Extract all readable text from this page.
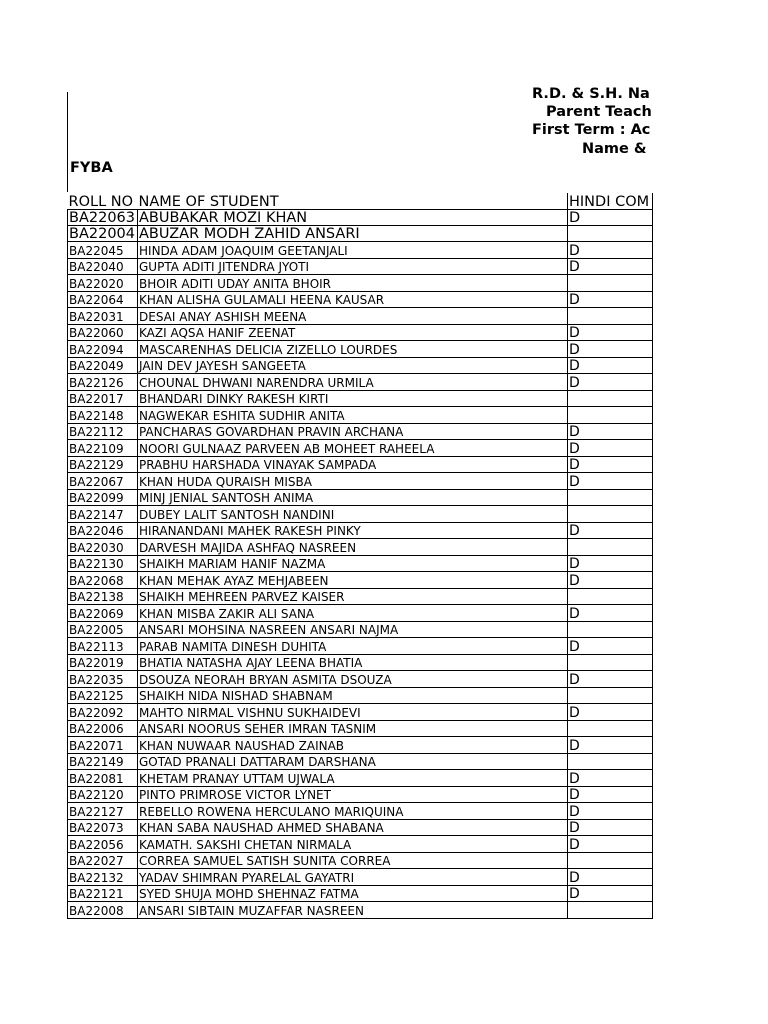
R.D. & S.H. Na
Parent Teach
First Term : Ac
Name &
FYBA
ROLL NO	NAME OF STUDENT	HINDI COM
BA22063	ABUBAKAR MOZI KHAN	D
BA22004	ABUZAR MODH ZAHID ANSARI	
BA22045	HINDA ADAM JOAQUIM GEETANJALI	D
BA22040	GUPTA ADITI JITENDRA JYOTI	D
BA22020	BHOIR ADITI UDAY ANITA BHOIR	
BA22064	KHAN ALISHA GULAMALI HEENA KAUSAR	D
BA22031	DESAI ANAY ASHISH MEENA	
BA22060	KAZI AQSA HANIF ZEENAT	D
BA22094	MASCARENHAS DELICIA ZIZELLO LOURDES	D
BA22049	JAIN DEV JAYESH SANGEETA	D
BA22126	CHOUNAL DHWANI NARENDRA URMILA	D
BA22017	BHANDARI DINKY RAKESH KIRTI	
BA22148	NAGWEKAR ESHITA SUDHIR ANITA	
BA22112	PANCHARAS GOVARDHAN PRAVIN ARCHANA	D
BA22109	NOORI GULNAAZ PARVEEN AB MOHEET RAHEELA	D
BA22129	PRABHU HARSHADA VINAYAK SAMPADA	D
BA22067	KHAN HUDA QURAISH MISBA	D
BA22099	MINJ JENIAL SANTOSH ANIMA	
BA22147	DUBEY LALIT SANTOSH NANDINI	
BA22046	HIRANANDANI MAHEK RAKESH PINKY	D
BA22030	DARVESH MAJIDA ASHFAQ NASREEN	
BA22130	SHAIKH MARIAM HANIF NAZMA	D
BA22068	KHAN MEHAK AYAZ MEHJABEEN	D
BA22138	SHAIKH MEHREEN PARVEZ KAISER	
BA22069	KHAN MISBA ZAKIR ALI SANA	D
BA22005	ANSARI MOHSINA NASREEN ANSARI NAJMA	
BA22113	PARAB NAMITA DINESH DUHITA	D
BA22019	BHATIA NATASHA AJAY LEENA BHATIA	
BA22035	DSOUZA NEORAH BRYAN ASMITA DSOUZA	D
BA22125	SHAIKH NIDA NISHAD SHABNAM	
BA22092	MAHTO NIRMAL VISHNU SUKHAIDEVI	D
BA22006	ANSARI NOORUS SEHER IMRAN TASNIM	
BA22071	KHAN NUWAAR NAUSHAD ZAINAB	D
BA22149	GOTAD PRANALI DATTARAM DARSHANA	
BA22081	KHETAM PRANAY UTTAM UJWALA	D
BA22120	PINTO PRIMROSE VICTOR LYNET	D
BA22127	REBELLO ROWENA HERCULANO MARIQUINA	D
BA22073	KHAN SABA NAUSHAD AHMED SHABANA	D
BA22056	KAMATH. SAKSHI CHETAN NIRMALA	D
BA22027	CORREA SAMUEL SATISH SUNITA CORREA	
BA22132	YADAV SHIMRAN PYARELAL GAYATRI	D
BA22121	SYED SHUJA MOHD SHEHNAZ FATMA	D
BA22008	ANSARI SIBTAIN MUZAFFAR NASREEN	
